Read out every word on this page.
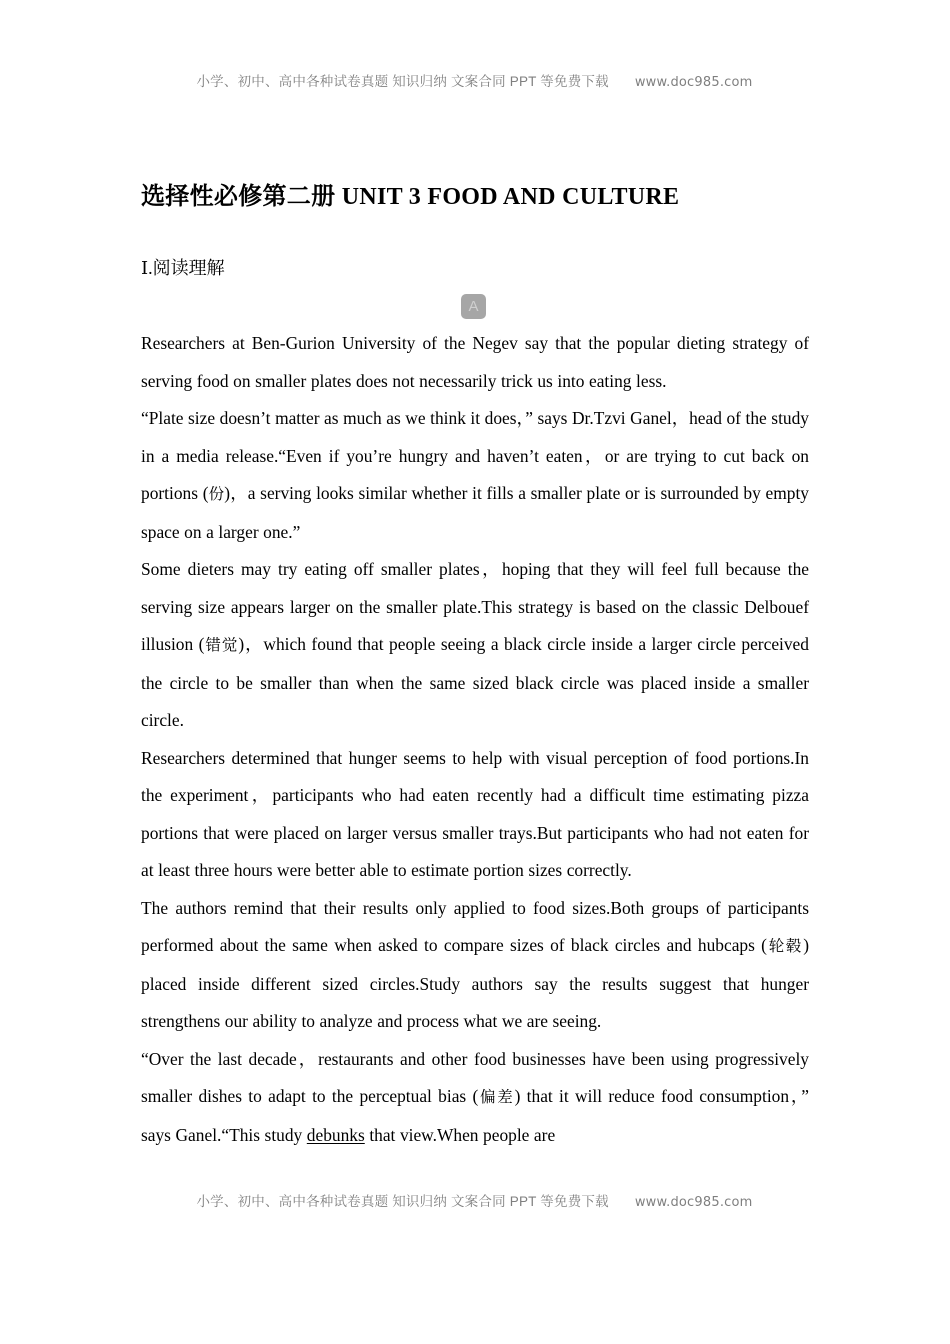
小学、初中、高中各种试卷真题 知识归纳 文案合同 PPT 等免费下载 www.doc985.com
选择性必修第二册 UNIT 3 FOOD AND CULTURE
Ⅰ.阅读理解
A

Researchers at Ben-Gurion University of the Negev say that the popular dieting strategy of serving food on smaller plates does not necessarily trick us into eating less.

“Plate size doesn’t matter as much as we think it does，” says Dr.Tzvi Ganel，head of the study in a media release.“Even if you’re hungry and haven’t eaten，or are trying to cut back on portions (份)，a serving looks similar whether it fills a smaller plate or is surrounded by empty space on a larger one.”

Some dieters may try eating off smaller plates，hoping that they will feel full because the serving size appears larger on the smaller plate.This strategy is based on the classic Delbouef illusion (错觉)，which found that people seeing a black circle inside a larger circle perceived the circle to be smaller than when the same sized black circle was placed inside a smaller circle.

Researchers determined that hunger seems to help with visual perception of food portions.In the experiment，participants who had eaten recently had a difficult time estimating pizza portions that were placed on larger versus smaller trays.But participants who had not eaten for at least three hours were better able to estimate portion sizes correctly.

The authors remind that their results only applied to food sizes.Both groups of participants performed about the same when asked to compare sizes of black circles and hubcaps (轮毂) placed inside different sized circles.Study authors say the results suggest that hunger strengthens our ability to analyze and process what we are seeing.

“Over the last decade，restaurants and other food businesses have been using progressively smaller dishes to adapt to the perceptual bias (偏差) that it will reduce food consumption，” says Ganel.“This study debunks that view.When people are

小学、初中、高中各种试卷真题 知识归纳 文案合同 PPT 等免费下载 www.doc985.com
